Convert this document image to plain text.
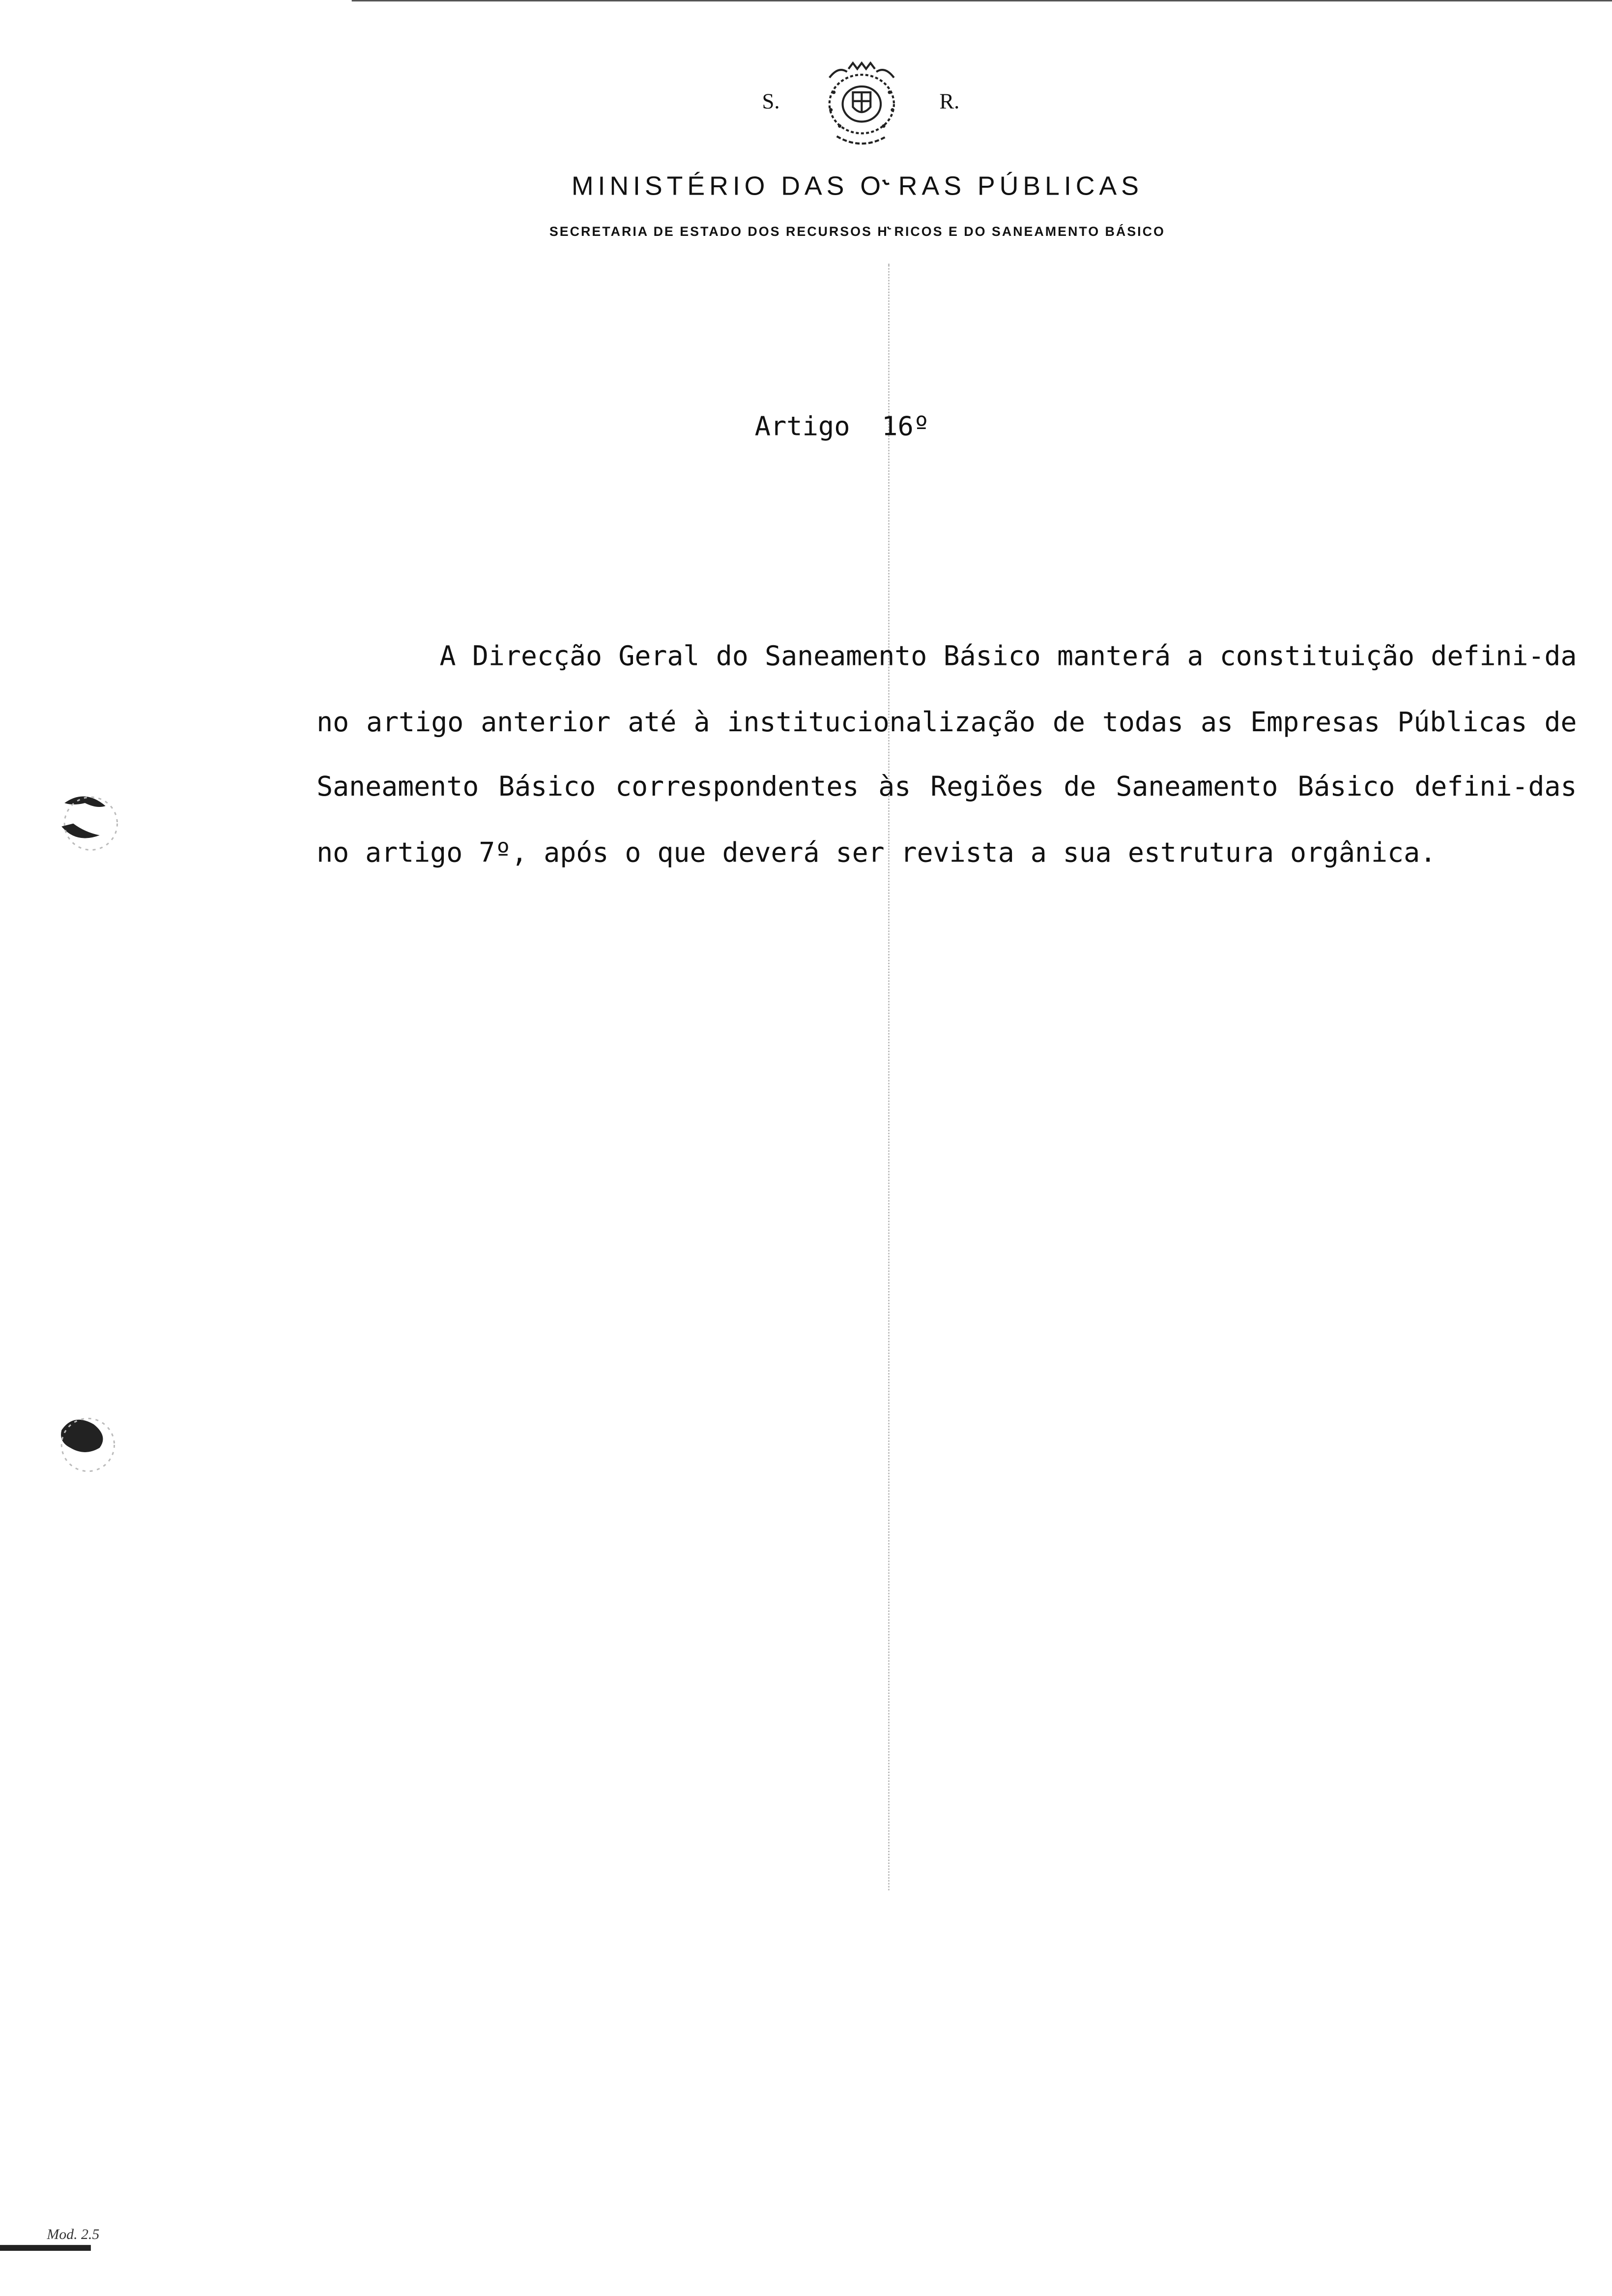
S.	R.
MINISTÉRIO DAS O˞RAS PÚBLICAS
SECRETARIA DE ESTADO DOS RECURSOS H˞RICOS E DO SANEAMENTO BÁSICO
Artigo  16º

A Direcção Geral do Saneamento Básico manterá a constituição defini-da no artigo anterior até à institucionalização de todas as Empresas Públicas de Saneamento Básico correspondentes às Regiões de Saneamento Básico defini-das no artigo 7º, após o que deverá ser revista a sua estrutura orgânica.

Mod. 2.5
